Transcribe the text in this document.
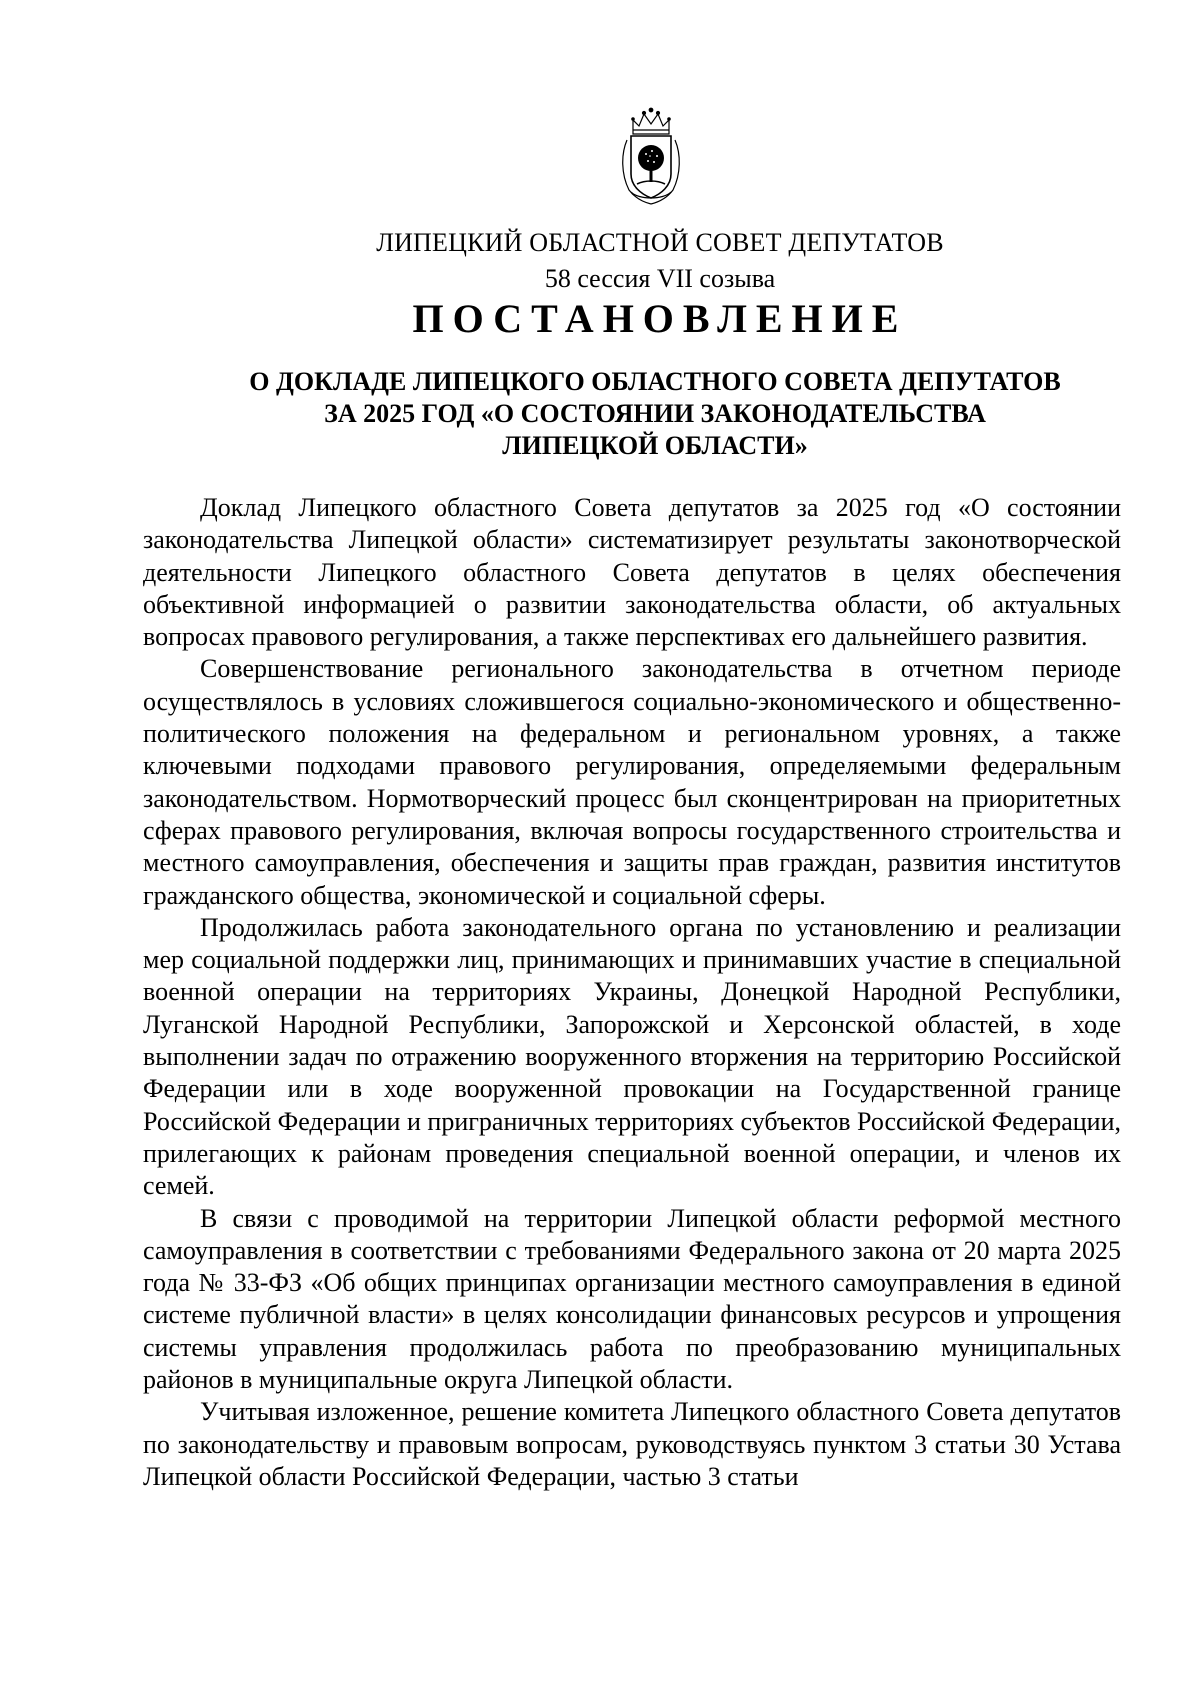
ЛИПЕЦКИЙ ОБЛАСТНОЙ СОВЕТ ДЕПУТАТОВ
58 сессия VII созыва
ПОСТАНОВЛЕНИЕ
О ДОКЛАДЕ ЛИПЕЦКОГО ОБЛАСТНОГО СОВЕТА ДЕПУТАТОВ
ЗА 2025 ГОД «О СОСТОЯНИИ ЗАКОНОДАТЕЛЬСТВА
ЛИПЕЦКОЙ ОБЛАСТИ»

Доклад Липецкого областного Совета депутатов за 2025 год «О состоянии законодательства Липецкой области» систематизирует результаты законотворческой деятельности Липецкого областного Совета депутатов в целях обеспечения объективной информацией о развитии законодательства области, об актуальных вопросах правового регулирования, а также перспективах его дальнейшего развития.

Совершенствование регионального законодательства в отчетном периоде осуществлялось в условиях сложившегося социально-экономического и общественно-политического положения на федеральном и региональном уровнях, а также ключевыми подходами правового регулирования, определяемыми федеральным законодательством. Нормотворческий процесс был сконцентрирован на приоритетных сферах правового регулирования, включая вопросы государственного строительства и местного самоуправления, обеспечения и защиты прав граждан, развития институтов гражданского общества, экономической и социальной сферы.

Продолжилась работа законодательного органа по установлению и реализации мер социальной поддержки лиц, принимающих и принимавших участие в специальной военной операции на территориях Украины, Донецкой Народной Республики, Луганской Народной Республики, Запорожской и Херсонской областей, в ходе выполнении задач по отражению вооруженного вторжения на территорию Российской Федерации или в ходе вооруженной провокации на Государственной границе Российской Федерации и приграничных территориях субъектов Российской Федерации, прилегающих к районам проведения специальной военной операции, и членов их семей.

В связи с проводимой на территории Липецкой области реформой местного самоуправления в соответствии с требованиями Федерального закона от 20 марта 2025 года № 33-ФЗ «Об общих принципах организации местного самоуправления в единой системе публичной власти» в целях консолидации финансовых ресурсов и упрощения системы управления продолжилась работа по преобразованию муниципальных районов в муниципальные округа Липецкой области.

Учитывая изложенное, решение комитета Липецкого областного Совета депутатов по законодательству и правовым вопросам, руководствуясь пунктом 3 статьи 30 Устава Липецкой области Российской Федерации, частью 3 статьи
